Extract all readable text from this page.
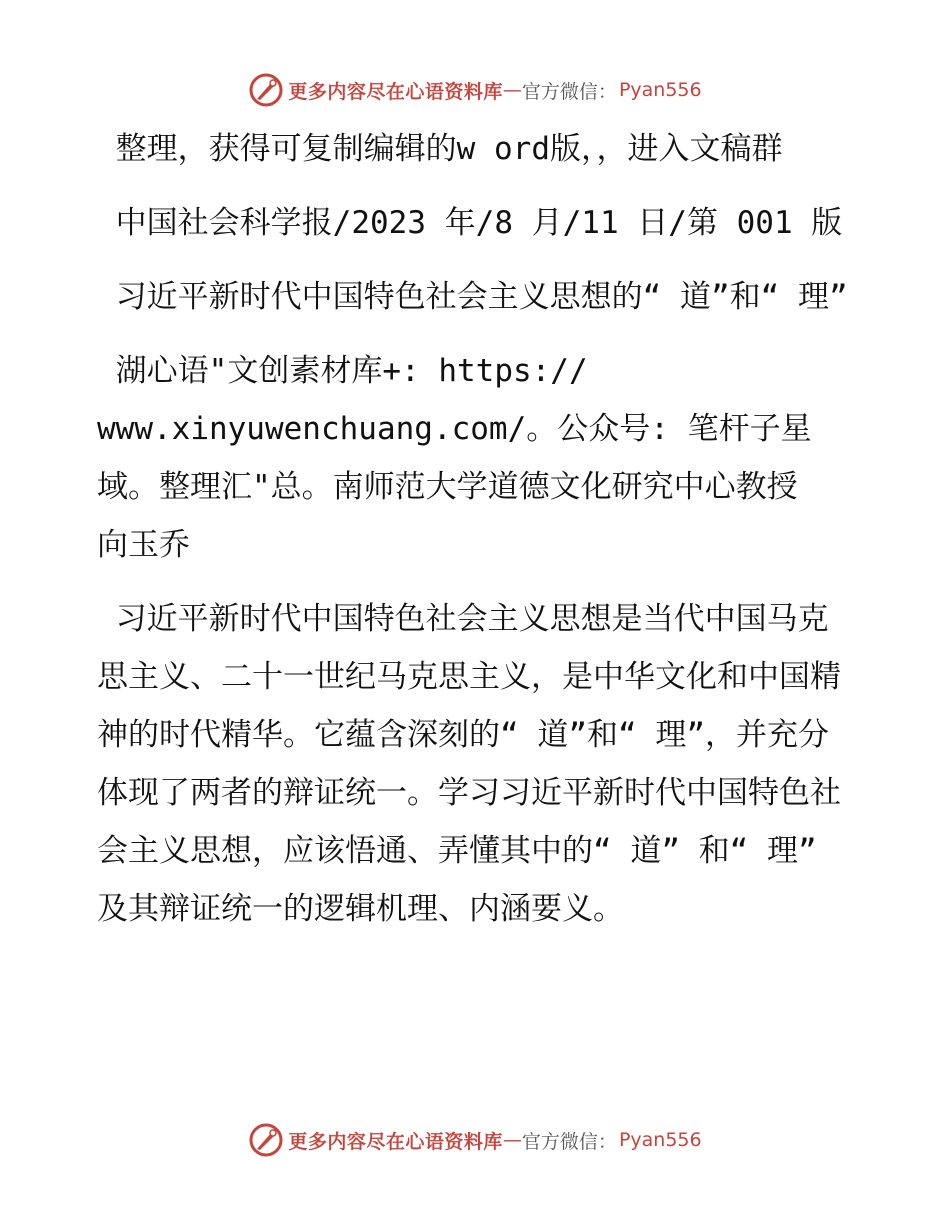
更多内容尽在心语资料库 — 官方微信： Pyan556

整理，获得可复制编辑的w ord版，，进入文稿群

中国社会科学报/2023 年/8 月/11 日/第 001 版

习近平新时代中国特色社会主义思想的“ 道”和“ 理”

湖心语"文创素材库+: https://
www.xinyuwenchuang.com/。公众号: 笔杆子星域。整理汇"总。南师范大学道德文化研究中心教授   向玉乔

习近平新时代中国特色社会主义思想是当代中国马克思主义、二十一世纪马克思主义，是中华文化和中国精神的时代精华。它蕴含深刻的“ 道”和“ 理”，并充分体现了两者的辩证统一。学习习近平新时代中国特色社会主义思想，应该悟通、弄懂其中的“ 道” 和“ 理” 及其辩证统一的逻辑机理、内涵要义。

更多内容尽在心语资料库 — 官方微信： Pyan556
